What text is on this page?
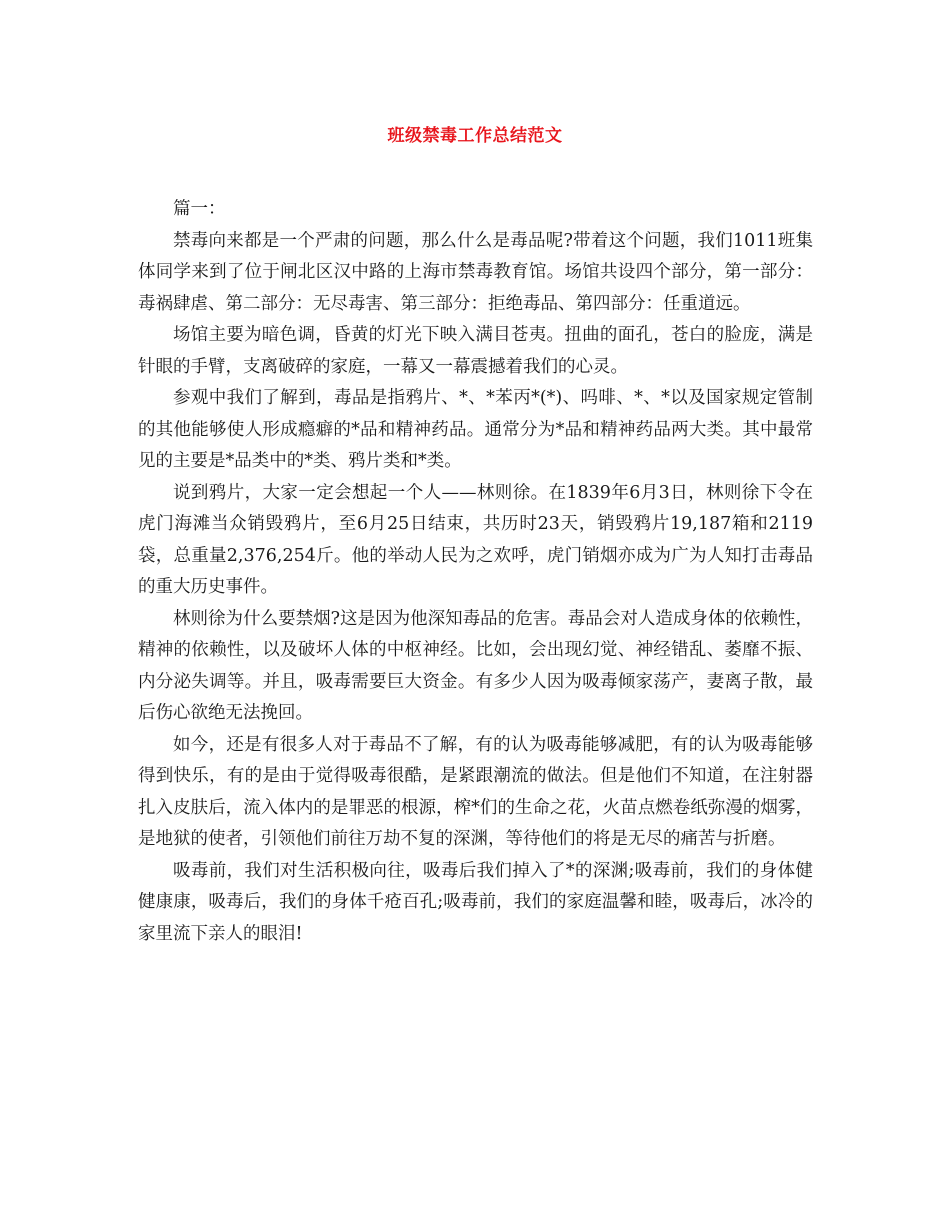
班级禁毒工作总结范文

篇一：

禁毒向来都是一个严肃的问题，那么什么是毒品呢?带着这个问题，我们1011班集体同学来到了位于闸北区汉中路的上海市禁毒教育馆。场馆共设四个部分，第一部分：毒祸肆虐、第二部分：无尽毒害、第三部分：拒绝毒品、第四部分：任重道远。

场馆主要为暗色调，昏黄的灯光下映入满目苍夷。扭曲的面孔，苍白的脸庞，满是针眼的手臂，支离破碎的家庭，一幕又一幕震撼着我们的心灵。

参观中我们了解到，毒品是指鸦片、*、*苯丙*(*)、吗啡、*、*以及国家规定管制的其他能够使人形成瘾癖的*品和精神药品。通常分为*品和精神药品两大类。其中最常见的主要是*品类中的*类、鸦片类和*类。

说到鸦片，大家一定会想起一个人——林则徐。在1839年6月3日，林则徐下令在虎门海滩当众销毁鸦片，至6月25日结束，共历时23天，销毁鸦片19,187箱和2119袋，总重量2,376,254斤。他的举动人民为之欢呼，虎门销烟亦成为广为人知打击毒品的重大历史事件。

林则徐为什么要禁烟?这是因为他深知毒品的危害。毒品会对人造成身体的依赖性，精神的依赖性，以及破坏人体的中枢神经。比如，会出现幻觉、神经错乱、萎靡不振、内分泌失调等。并且，吸毒需要巨大资金。有多少人因为吸毒倾家荡产，妻离子散，最后伤心欲绝无法挽回。

如今，还是有很多人对于毒品不了解，有的认为吸毒能够减肥，有的认为吸毒能够得到快乐，有的是由于觉得吸毒很酷，是紧跟潮流的做法。但是他们不知道，在注射器扎入皮肤后，流入体内的是罪恶的根源，榨*们的生命之花，火苗点燃卷纸弥漫的烟雾，是地狱的使者，引领他们前往万劫不复的深渊，等待他们的将是无尽的痛苦与折磨。

吸毒前，我们对生活积极向往，吸毒后我们掉入了*的深渊;吸毒前，我们的身体健健康康，吸毒后，我们的身体千疮百孔;吸毒前，我们的家庭温馨和睦，吸毒后，冰冷的家里流下亲人的眼泪!
